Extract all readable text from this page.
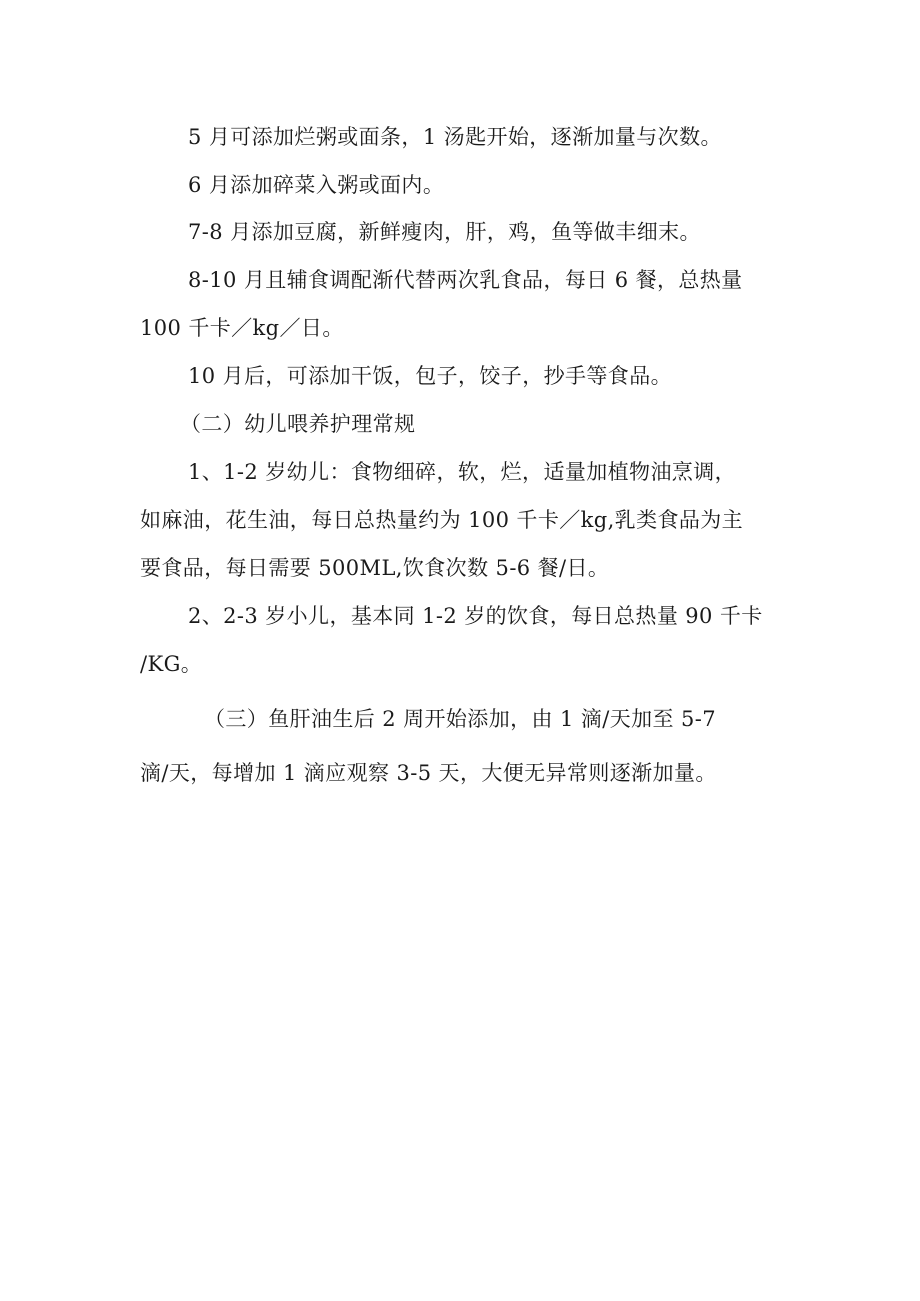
5 月可添加烂粥或面条，1 汤匙开始，逐渐加量与次数。
6 月添加碎菜入粥或面内。
7-8 月添加豆腐，新鲜瘦肉，肝，鸡，鱼等做丰细末。
8-10 月且辅食调配渐代替两次乳食品，每日 6 餐，总热量
100 千卡／kg／日。
10 月后，可添加干饭，包子，饺子，抄手等食品。
（二）幼儿喂养护理常规
1、1-2 岁幼儿：食物细碎，软，烂，适量加植物油烹调，
如麻油，花生油，每日总热量约为 100 千卡／kg,乳类食品为主
要食品，每日需要 500ML,饮食次数 5-6 餐/日。
2、2-3 岁小儿，基本同 1-2 岁的饮食，每日总热量 90 千卡
/KG。
（三）鱼肝油生后 2 周开始添加，由 1 滴/天加至 5-7
滴/天，每增加 1 滴应观察 3-5 天，大便无异常则逐渐加量。
